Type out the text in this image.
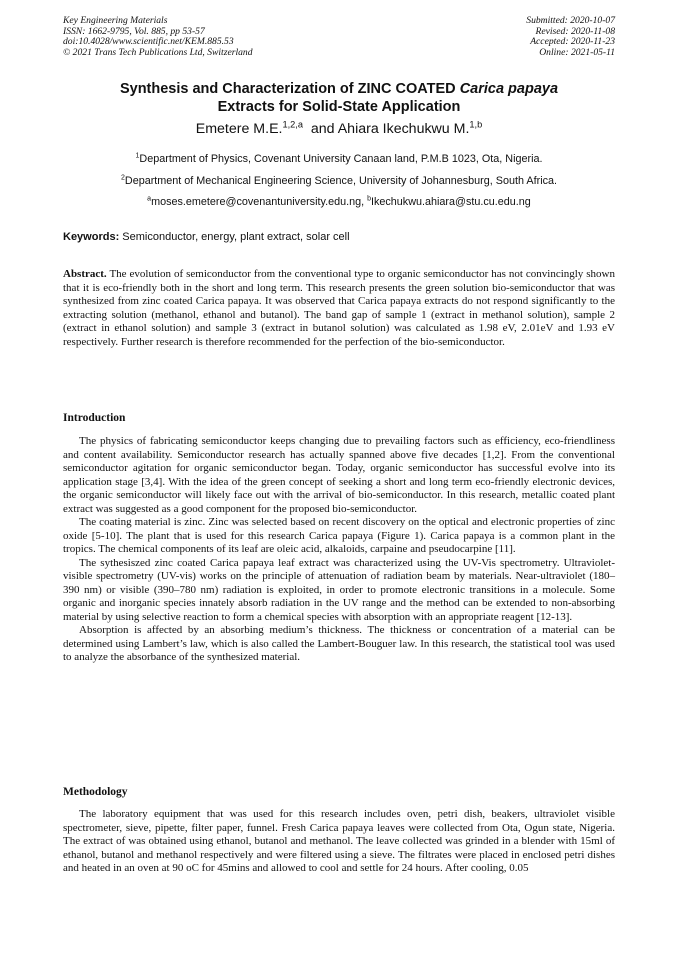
Key Engineering Materials
ISSN: 1662-9795, Vol. 885, pp 53-57
doi:10.4028/www.scientific.net/KEM.885.53
© 2021 Trans Tech Publications Ltd, Switzerland
Submitted: 2020-10-07
Revised: 2020-11-08
Accepted: 2020-11-23
Online: 2021-05-11
Synthesis and Characterization of ZINC COATED Carica papaya
Extracts for Solid-State Application
Emetere M.E.$^{1,2,a}$  and Ahiara Ikechukwu M.$^{1,b}$
$^1$Department of Physics, Covenant University Canaan land, P.M.B 1023, Ota, Nigeria.
$^2$Department of Mechanical Engineering Science, University of Johannesburg, South Africa.
$^a$moses.emetere@covenantuniversity.edu.ng, $^b$Ikechukwu.ahiara@stu.cu.edu.ng
Keywords: Semiconductor, energy, plant extract, solar cell

Abstract. The evolution of semiconductor from the conventional type to organic semiconductor has not convincingly shown that it is eco-friendly both in the short and long term. This research presents the green solution bio-semiconductor that was synthesized from zinc coated Carica papaya. It was observed that Carica papaya extracts do not respond significantly to the extracting solution (methanol, ethanol and butanol). The band gap of sample 1 (extract in methanol solution), sample 2 (extract in ethanol solution) and sample 3 (extract in butanol solution) was calculated as 1.98 eV, 2.01eV and 1.93 eV respectively. Further research is therefore recommended for the perfection of the bio-semiconductor.

Introduction

The physics of fabricating semiconductor keeps changing due to prevailing factors such as efficiency, eco-friendliness and content availability. Semiconductor research has actually spanned above five decades [1,2]. From the conventional semiconductor agitation for organic semiconductor began. Today, organic semiconductor has successful evolve into its application stage [3,4]. With the idea of the green concept of seeking a short and long term eco-friendly electronic devices, the organic semiconductor will likely face out with the arrival of bio-semiconductor. In this research, metallic coated plant extract was suggested as a good component for the proposed bio-semiconductor.

The coating material is zinc. Zinc was selected based on recent discovery on the optical and electronic properties of zinc oxide [5-10]. The plant that is used for this research Carica papaya (Figure 1). Carica papaya is a common plant in the tropics. The chemical components of its leaf are oleic acid, alkaloids, carpaine and pseudocarpine [11].

The sythesiszed zinc coated Carica papaya leaf extract was characterized using the UV-Vis spectrometry. Ultraviolet-visible spectrometry (UV-vis) works on the principle of attenuation of radiation beam by materials. Near-ultraviolet (180–390 nm) or visible (390–780 nm) radiation is exploited, in order to promote electronic transitions in a molecule. Some organic and inorganic species innately absorb radiation in the UV range and the method can be extended to non-absorbing material by using selective reaction to form a chemical species with absorption with an appropriate reagent [12-13].

Absorption is affected by an absorbing medium’s thickness. The thickness or concentration of a material can be determined using Lambert’s law, which is also called the Lambert-Bouguer law. In this research, the statistical tool was used to analyze the absorbance of the synthesized material.

Methodology

The laboratory equipment that was used for this research includes oven, petri dish, beakers, ultraviolet visible spectrometer, sieve, pipette, filter paper, funnel. Fresh Carica papaya leaves were collected from Ota, Ogun state, Nigeria. The extract of was obtained using ethanol, butanol and methanol. The leave collected was grinded in a blender with 15ml of ethanol, butanol and methanol respectively and were filtered using a sieve. The filtrates were placed in enclosed petri dishes and heated in an oven at 90 oC for 45mins and allowed to cool and settle for 24 hours. After cooling, 0.05
